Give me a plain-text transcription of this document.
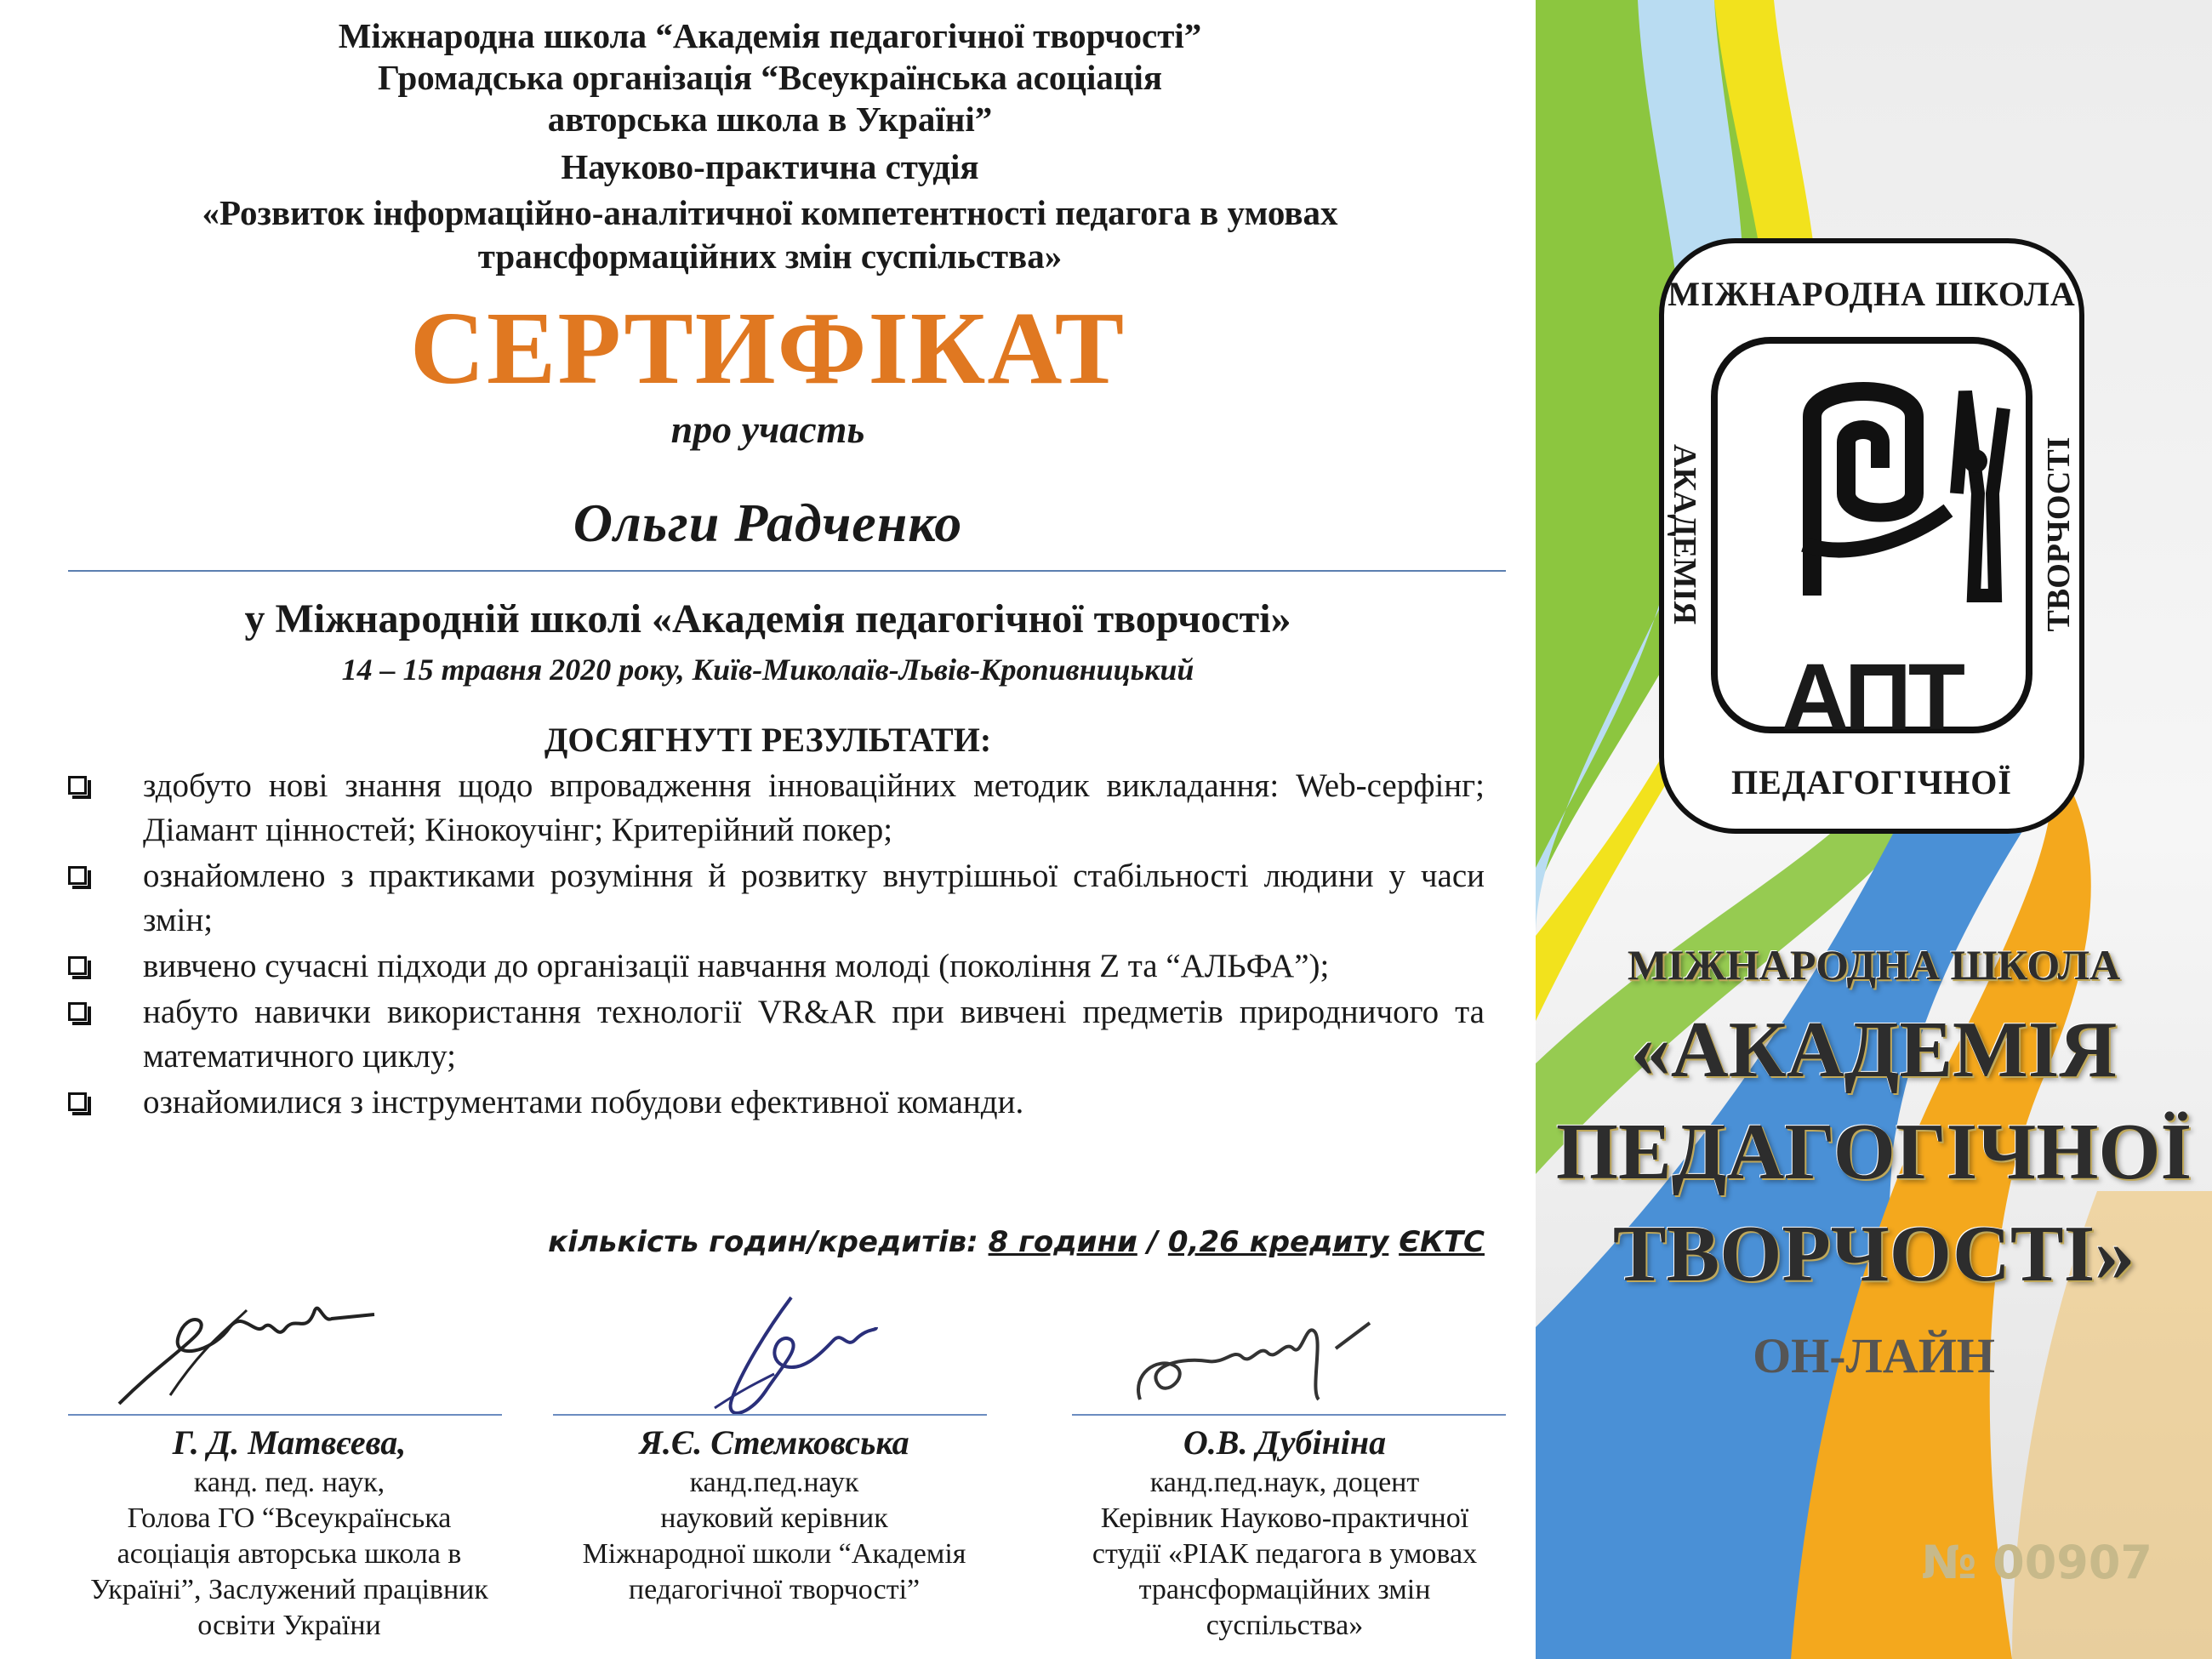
Міжнародна школа “Академія педагогічної творчості”
Громадська організація “Всеукраїнська асоціація
авторська школа в Україні”
Науково-практична студія
«Розвиток інформаційно-аналітичної компетентності педагога в умовах
трансформаційних змін суспільства»
СЕРТИФІКАТ
про участь
Ольги Радченко
у Міжнародній школі «Академія педагогічної творчості»
14 – 15 травня 2020 року, Київ-Миколаїв-Львів-Кропивницький
ДОСЯГНУТІ РЕЗУЛЬТАТИ:
здобуто нові знання щодо впровадження інноваційних методик викладання: Web-серфінг; Діамант цінностей; Кінокоучінг; Критерійний покер;
ознайомлено з практиками розуміння й розвитку внутрішньої стабільності людини у часи змін;
вивчено сучасні підходи до організації навчання молоді (покоління Z та “АЛЬФА”);
набуто навички використання технології VR&AR при вивчені предметів природничого та математичного циклу;
ознайомилися з інструментами побудови ефективної команди.
кількість годин/кредитів: 8 години / 0,26 кредиту ЄКТС
Г. Д. Матвєева,
канд. пед. наук,
Голова ГО “Всеукраїнська
асоціація авторська школа в
Україні”, Заслужений працівник
освіти України
Я.Є. Стемковська
канд.пед.наук
науковий керівник
Міжнародної школи “Академія
педагогічної творчості”
О.В. Дубініна
канд.пед.наук, доцент
Керівник Науково-практичної
студії «РІАК педагога в умовах
трансформаційних змін
суспільства»
АПТ
МІЖНАРОДНА ШКОЛА
ПЕДАГОГІЧНОЇ
АКАДЕМІЯ	ТВОРЧОСТІ
МІЖНАРОДНА ШКОЛА
«АКАДЕМІЯ
ПЕДАГОГІЧНОЇ
ТВОРЧОСТІ»
ОН-ЛАЙН
№ 00907
